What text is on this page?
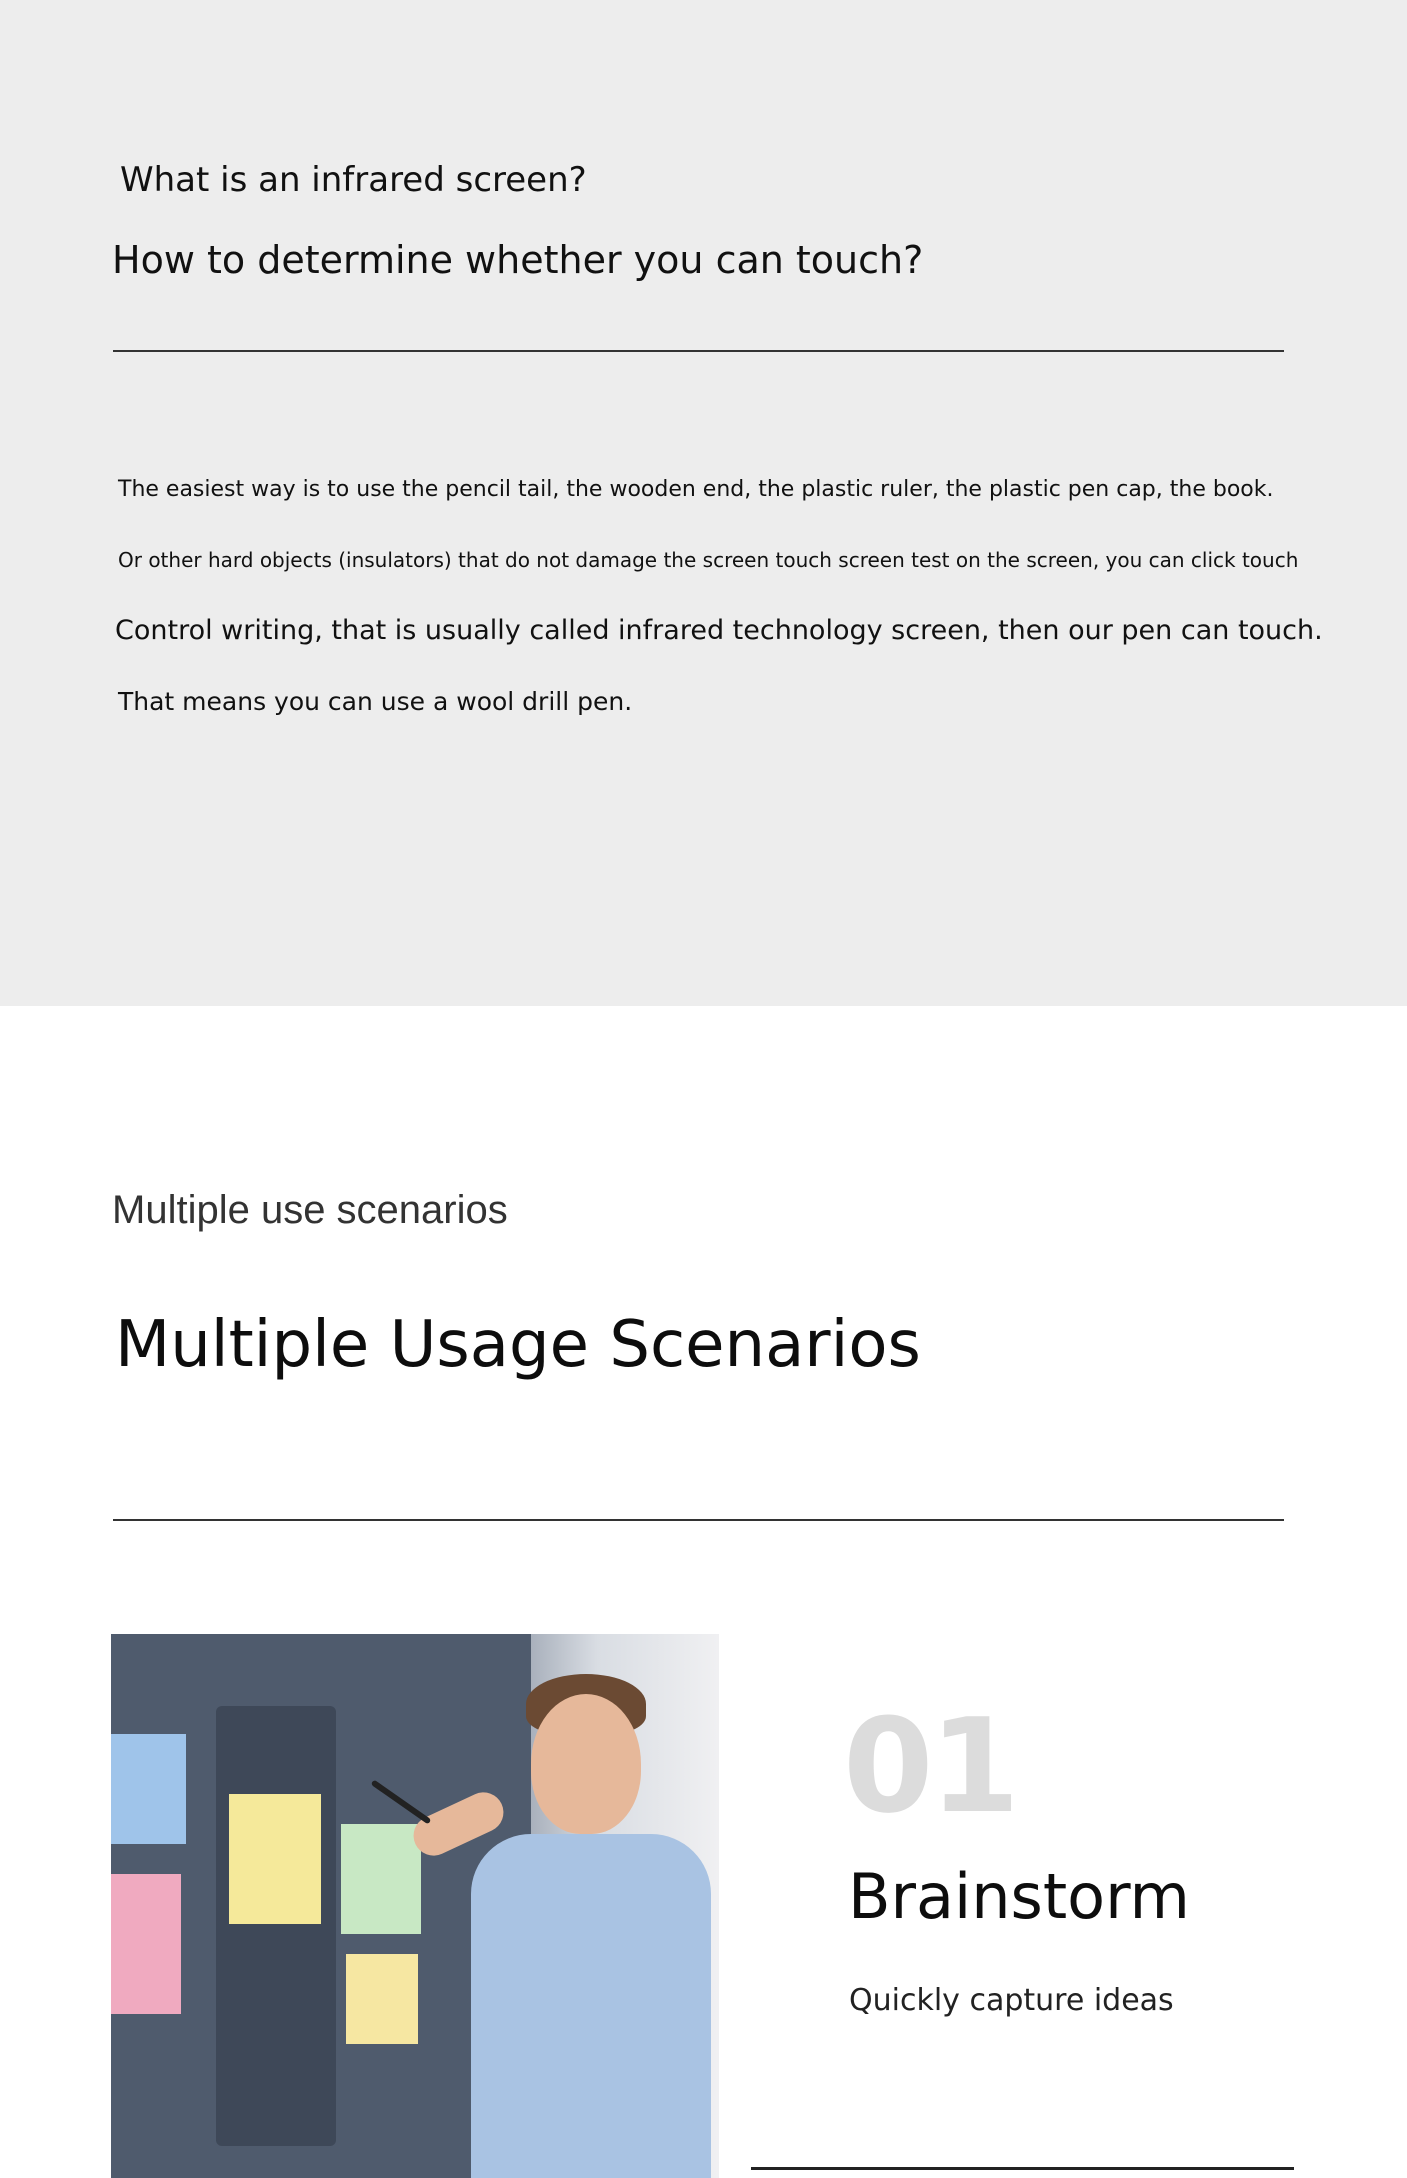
What is an infrared screen?
How to determine whether you can touch?
The easiest way is to use the pencil tail, the wooden end, the plastic ruler, the plastic pen cap, the book.
Or other hard objects (insulators) that do not damage the screen touch screen test on the screen, you can click touch
Control writing, that is usually called infrared technology screen, then our pen can touch.
That means you can use a wool drill pen.
Multiple use scenarios
Multiple Usage Scenarios
01
Brainstorm
Quickly capture ideas
